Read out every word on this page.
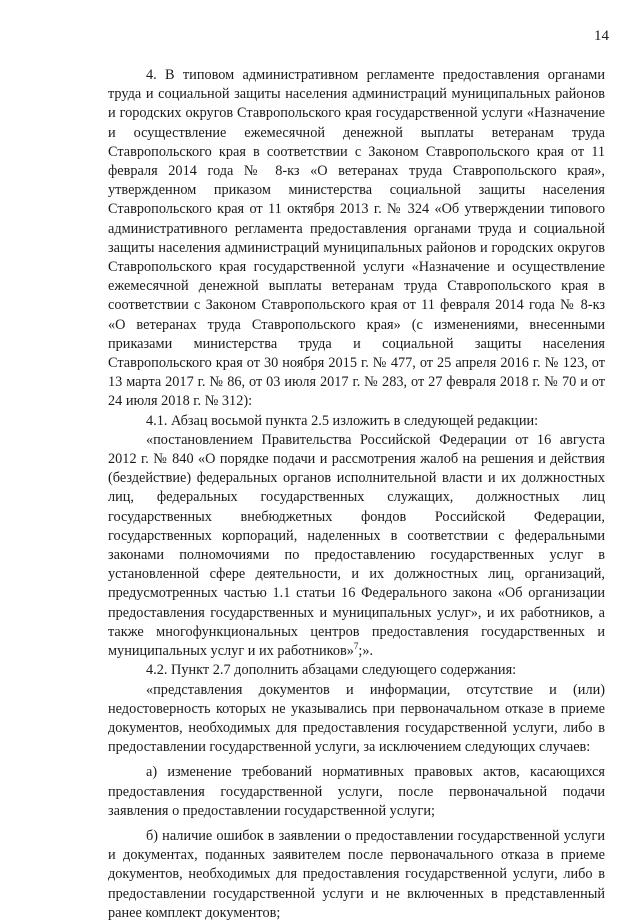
14

4. В типовом административном регламенте предоставления органами труда и социальной защиты населения администраций муниципальных районов и городских округов Ставропольского края государственной услуги «Назначение и осуществление ежемесячной денежной выплаты ветеранам труда Ставропольского края в соответствии с Законом Ставропольского края от 11 февраля 2014 года № 8-кз «О ветеранах труда Ставропольского края», утвержденном приказом министерства социальной защиты населения Ставропольского края от 11 октября 2013 г. № 324 «Об утверждении типового административного регламента предоставления органами труда и социальной защиты населения администраций муниципальных районов и городских округов Ставропольского края государственной услуги «Назначение и осуществление ежемесячной денежной выплаты ветеранам труда Ставропольского края в соответствии с Законом Ставропольского края от 11 февраля 2014 года № 8-кз «О ветеранах труда Ставропольского края» (с изменениями, внесенными приказами министерства труда и социальной защиты населения Ставропольского края от 30 ноября 2015 г. № 477, от 25 апреля 2016 г. № 123, от 13 марта 2017 г. № 86, от 03 июля 2017 г. № 283, от 27 февраля 2018 г. № 70 и от 24 июля 2018 г. № 312):

4.1. Абзац восьмой пункта 2.5 изложить в следующей редакции:

«постановлением Правительства Российской Федерации от 16 августа 2012 г. № 840 «О порядке подачи и рассмотрения жалоб на решения и действия (бездействие) федеральных органов исполнительной власти и их должностных лиц, федеральных государственных служащих, должностных лиц государственных внебюджетных фондов Российской Федерации, государственных корпораций, наделенных в соответствии с федеральными законами полномочиями по предоставлению государственных услуг в установленной сфере деятельности, и их должностных лиц, организаций, предусмотренных частью 1.1 статьи 16 Федерального закона «Об организации предоставления государственных и муниципальных услуг», и их работников, а также многофункциональных центров предоставления государственных и муниципальных услуг и их работников»$^7$;».

4.2. Пункт 2.7 дополнить абзацами следующего содержания:

«представления документов и информации, отсутствие и (или) недостоверность которых не указывались при первоначальном отказе в приеме документов, необходимых для предоставления государственной услуги, либо в предоставлении государственной услуги, за исключением следующих случаев:

а) изменение требований нормативных правовых актов, касающихся предоставления государственной услуги, после первоначальной подачи заявления о предоставлении государственной услуги;

б) наличие ошибок в заявлении о предоставлении государственной услуги и документах, поданных заявителем после первоначального отказа в приеме документов, необходимых для предоставления государственной услуги, либо в предоставлении государственной услуги и не включенных в представленный ранее комплект документов;
